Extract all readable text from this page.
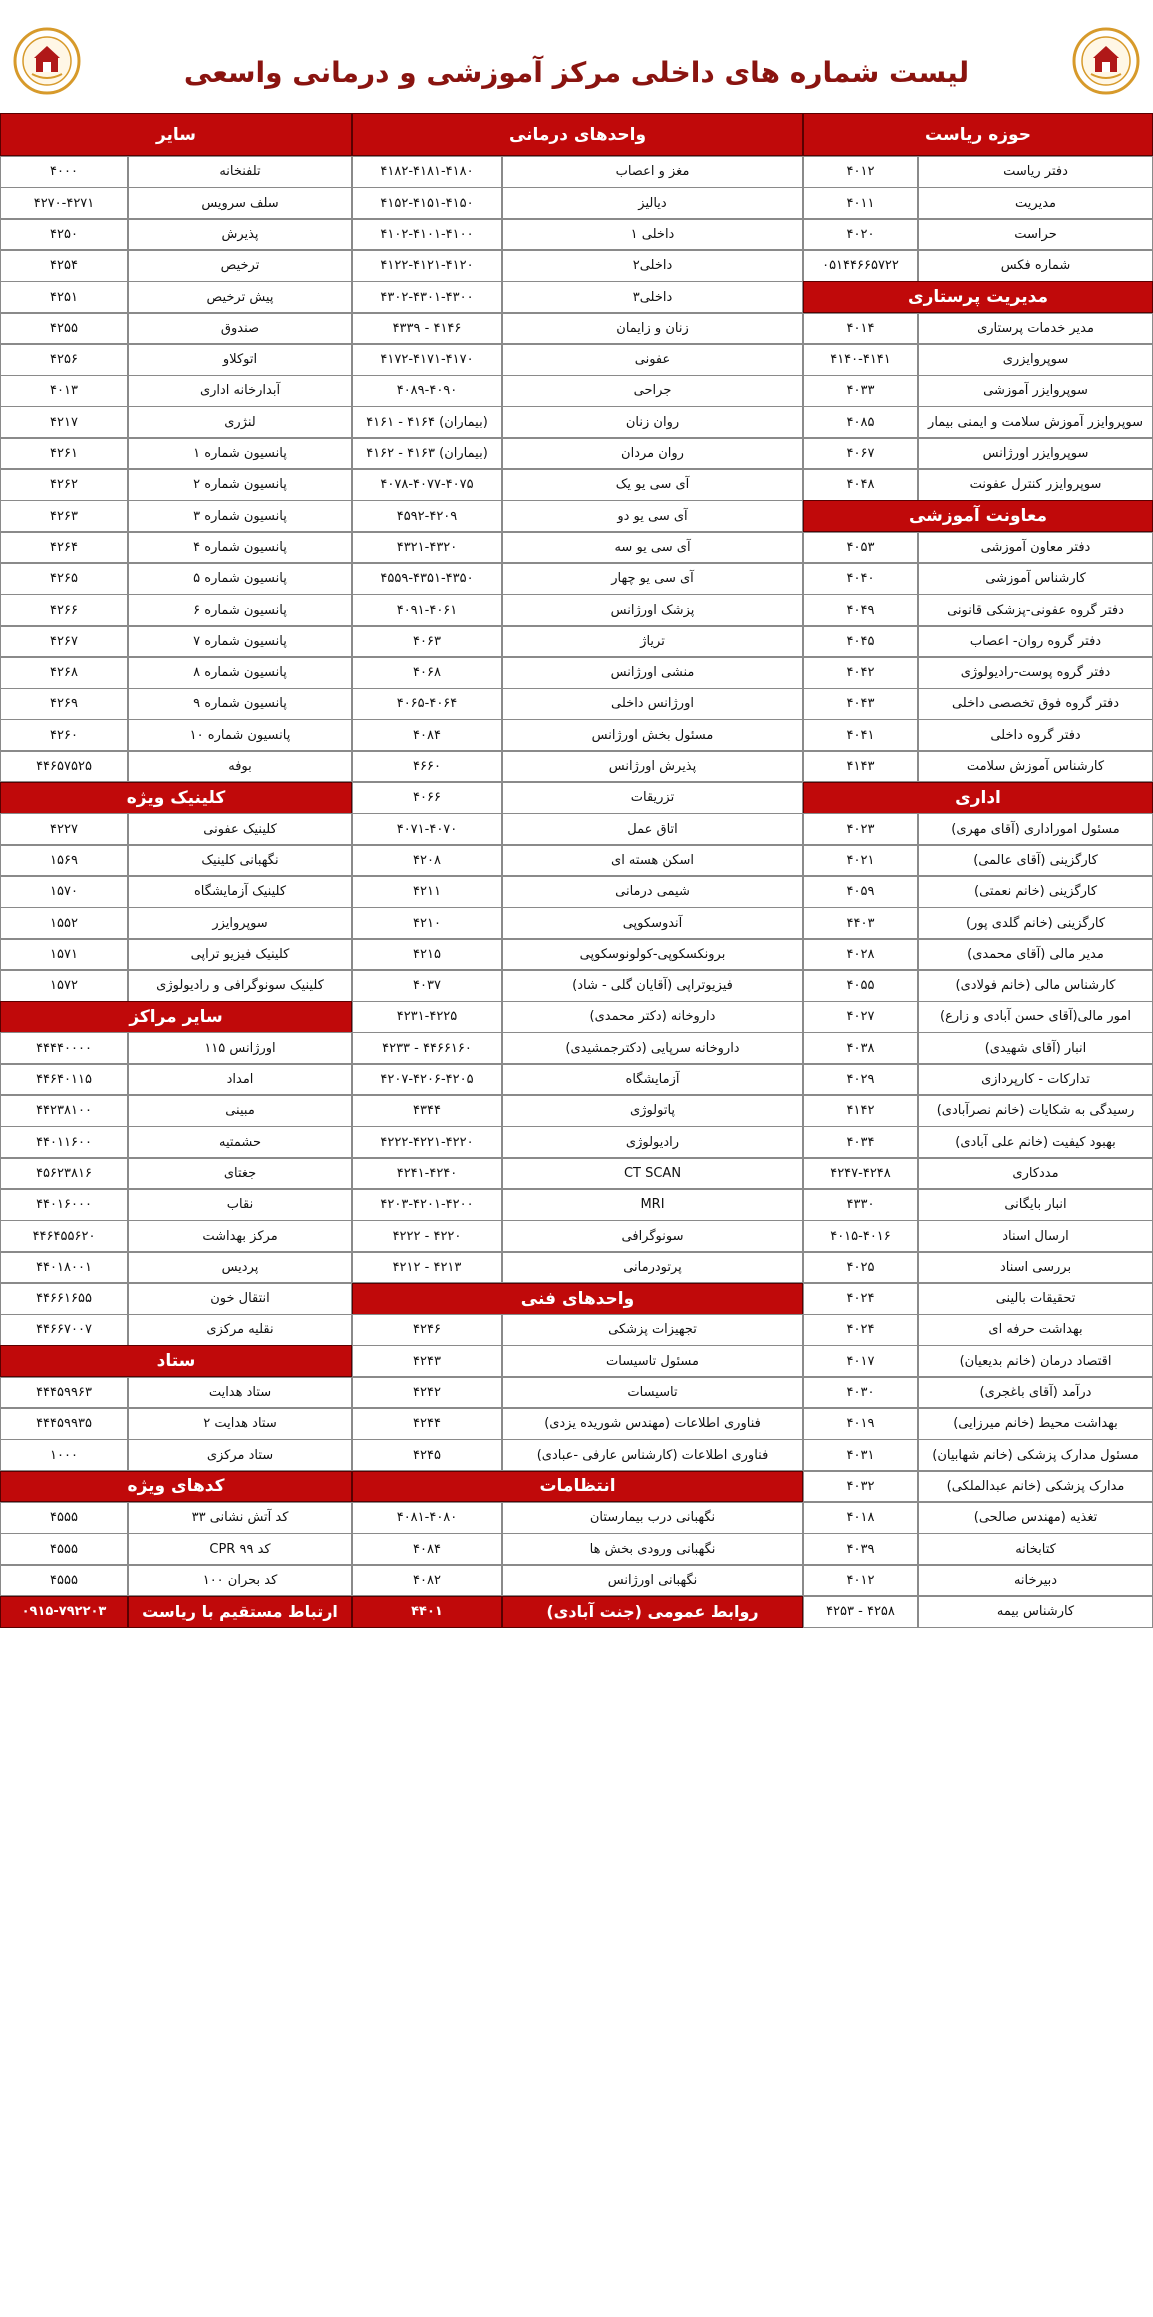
لیست شماره های داخلی مرکز آموزشی و درمانی واسعی
حوزه ریاست
دفتر ریاست
۴۰۱۲
مدیریت
۴۰۱۱
حراست
۴۰۲۰
شماره فکس
۰۵۱۴۴۶۶۵۷۲۲
مدیریت پرستاری
مدیر خدمات پرستاری
۴۰۱۴
سوپروایزری
۴۱۴۰-۴۱۴۱
سوپروایزر آموزشی
۴۰۳۳
سوپروایزر آموزش سلامت و ایمنی بیمار
۴۰۸۵
سوپروایزر اورژانس
۴۰۶۷
سوپروایزر کنترل عفونت
۴۰۴۸
معاونت آموزشی
دفتر معاون آموزشی
۴۰۵۳
کارشناس آموزشی
۴۰۴۰
دفتر گروه عفونی-پزشکی قانونی
۴۰۴۹
دفتر گروه روان- اعصاب
۴۰۴۵
دفتر گروه پوست-رادیولوژی
۴۰۴۲
دفتر گروه فوق تخصصی داخلی
۴۰۴۳
دفتر گروه داخلی
۴۰۴۱
کارشناس آموزش سلامت
۴۱۴۳
اداری
مسئول اموراداری (آقای مهری)
۴۰۲۳
کارگزینی (آقای عالمی)
۴۰۲۱
کارگزینی (خانم نعمتی)
۴۰۵۹
کارگزینی (خانم گلدی پور)
۴۴۰۳
مدیر مالی (آقای محمدی)
۴۰۲۸
کارشناس مالی (خانم فولادی)
۴۰۵۵
امور مالی(آقای حسن آبادی و زارع)
۴۰۲۷
انبار (آقای شهیدی)
۴۰۳۸
تدارکات - کارپردازی
۴۰۲۹
رسیدگی به شکایات (خانم نصرآبادی)
۴۱۴۲
بهبود کیفیت (خانم علی آبادی)
۴۰۳۴
مددکاری
۴۲۴۷-۴۲۴۸
انبار بایگانی
۴۳۳۰
ارسال اسناد
۴۰۱۵-۴۰۱۶
بررسی اسناد
۴۰۲۵
تحقیقات بالینی
۴۰۲۴
بهداشت حرفه ای
۴۰۲۴
اقتصاد درمان (خانم بدیعیان)
۴۰۱۷
درآمد (آقای باغجری)
۴۰۳۰
بهداشت محیط (خانم میرزایی)
۴۰۱۹
مسئول مدارک پزشکی (خانم شهابیان)
۴۰۳۱
مدارک پزشکی (خانم عبدالملکی)
۴۰۳۲
تغذیه (مهندس صالحی)
۴۰۱۸
کتابخانه
۴۰۳۹
دبیرخانه
۴۰۱۲
کارشناس بیمه
۴۲۵۳ - ۴۲۵۸
واحدهای درمانی
مغز و اعصاب
۴۱۸۲-۴۱۸۱-۴۱۸۰
دیالیز
۴۱۵۲-۴۱۵۱-۴۱۵۰
داخلی ۱
۴۱۰۲-۴۱۰۱-۴۱۰۰
داخلی۲
۴۱۲۲-۴۱۲۱-۴۱۲۰
داخلی۳
۴۳۰۲-۴۳۰۱-۴۳۰۰
زنان و زایمان
۴۳۳۹ - ۴۱۴۶
عفونی
۴۱۷۲-۴۱۷۱-۴۱۷۰
جراحی
۴۰۸۹-۴۰۹۰
روان زنان
۴۱۶۱ - ۴۱۶۴ (بیماران)
روان مردان
۴۱۶۲ - ۴۱۶۳ (بیماران)
آی سی یو یک
۴۰۷۸-۴۰۷۷-۴۰۷۵
آی سی یو دو
۴۵۹۲-۴۲۰۹
آی سی یو سه
۴۳۲۱-۴۳۲۰
آی سی یو چهار
۴۵۵۹-۴۳۵۱-۴۳۵۰
پزشک اورژانس
۴۰۹۱-۴۰۶۱
تریاژ
۴۰۶۳
منشی اورژانس
۴۰۶۸
اورژانس داخلی
۴۰۶۵-۴۰۶۴
مسئول بخش اورژانس
۴۰۸۴
پذیرش اورژانس
۴۶۶۰
تزریقات
۴۰۶۶
اتاق عمل
۴۰۷۱-۴۰۷۰
اسکن هسته ای
۴۲۰۸
شیمی درمانی
۴۲۱۱
آندوسکوپی
۴۲۱۰
برونکسکوپی-کولونوسکوپی
۴۲۱۵
فیزیوتراپی (آقایان گلی - شاد)
۴۰۳۷
داروخانه (دکتر محمدی)
۴۲۳۱-۴۲۲۵
داروخانه سرپایی (دکترجمشیدی)
۴۲۳۳ - ۴۴۶۶۱۶۰
آزمایشگاه
۴۲۰۷-۴۲۰۶-۴۲۰۵
پاتولوژی
۴۳۴۴
رادیولوژی
۴۲۲۲-۴۲۲۱-۴۲۲۰
CT SCAN
۴۲۴۱-۴۲۴۰
MRI
۴۲۰۳-۴۲۰۱-۴۲۰۰
سونوگرافی
۴۲۲۲ - ۴۲۲۰
پرتودرمانی
۴۲۱۲ - ۴۲۱۳
واحدهای فنی
تجهیزات پزشکی
۴۲۴۶
مسئول تاسیسات
۴۲۴۳
تاسیسات
۴۲۴۲
فناوری اطلاعات (مهندس شوریده یزدی)
۴۲۴۴
فناوری اطلاعات (کارشناس عارفی -عبادی)
۴۲۴۵
انتظامات
نگهبانی درب بیمارستان
۴۰۸۱-۴۰۸۰
نگهبانی ورودی بخش ها
۴۰۸۴
نگهبانی اورژانس
۴۰۸۲
روابط عمومی (جنت آبادی)
۴۴۰۱
سایر
تلفنخانه
۴۰۰۰
سلف سرویس
۴۲۷۰-۴۲۷۱
پذیرش
۴۲۵۰
ترخیص
۴۲۵۴
پیش ترخیص
۴۲۵۱
صندوق
۴۲۵۵
اتوکلاو
۴۲۵۶
آبدارخانه اداری
۴۰۱۳
لنژری
۴۲۱۷
پانسیون شماره ۱
۴۲۶۱
پانسیون شماره ۲
۴۲۶۲
پانسیون شماره ۳
۴۲۶۳
پانسیون شماره ۴
۴۲۶۴
پانسیون شماره ۵
۴۲۶۵
پانسیون شماره ۶
۴۲۶۶
پانسیون شماره ۷
۴۲۶۷
پانسیون شماره ۸
۴۲۶۸
پانسیون شماره ۹
۴۲۶۹
پانسیون شماره ۱۰
۴۲۶۰
بوفه
۴۴۶۵۷۵۲۵
کلینیک ویژه
کلینیک عفونی
۴۲۲۷
نگهبانی کلینیک
۱۵۶۹
کلینیک آزمایشگاه
۱۵۷۰
سوپروایزر
۱۵۵۲
کلینیک فیزیو تراپی
۱۵۷۱
کلینیک سونوگرافی و رادیولوژی
۱۵۷۲
سایر مراکز
اورژانس ۱۱۵
۴۴۴۴۰۰۰۰
امداد
۴۴۶۴۰۱۱۵
مبینی
۴۴۲۳۸۱۰۰
حشمتیه
۴۴۰۱۱۶۰۰
جغتای
۴۵۶۲۳۸۱۶
نقاب
۴۴۰۱۶۰۰۰
مرکز بهداشت
۴۴۶۴۵۵۶۲۰
پردیس
۴۴۰۱۸۰۰۱
انتقال خون
۴۴۶۶۱۶۵۵
نقلیه مرکزی
۴۴۶۶۷۰۰۷
ستاد
ستاد هدایت
۴۴۴۵۹۹۶۳
ستاد هدایت ۲
۴۴۴۵۹۹۳۵
ستاد مرکزی
۱۰۰۰
کدهای ویژه
کد آتش نشانی ۳۳
۴۵۵۵
کد ۹۹ CPR
۴۵۵۵
کد بحران ۱۰۰
۴۵۵۵
ارتباط مستقیم با ریاست
۰۹۱۵-۷۹۲۲۰۳
